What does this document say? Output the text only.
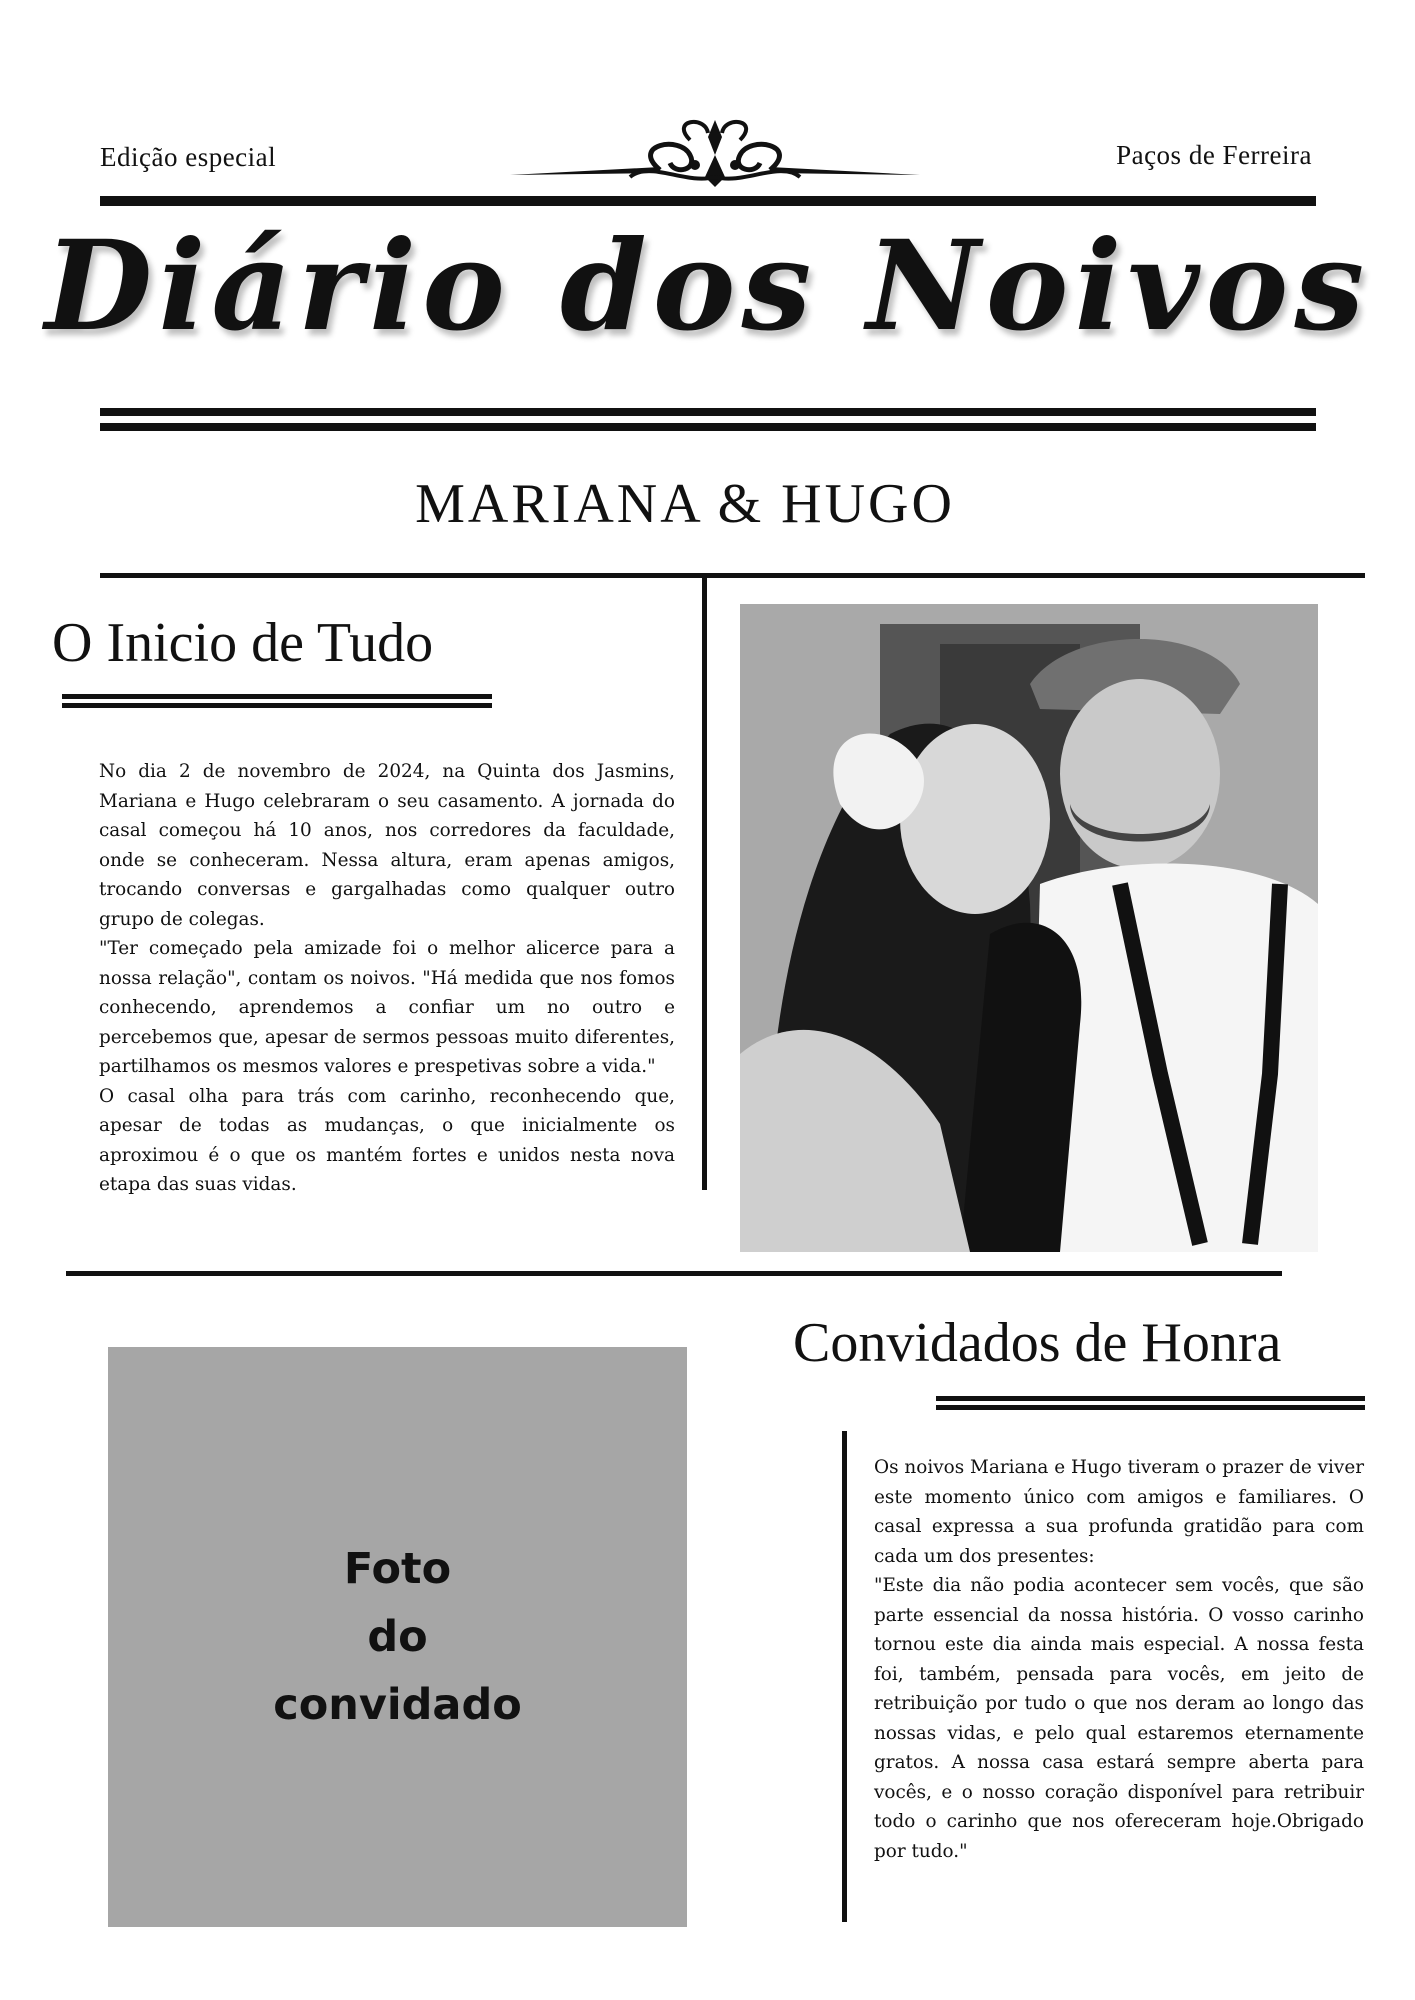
Edição especial	Paços de Ferreira
Diário dos Noivos
MARIANA & HUGO
O Inicio de Tudo

No dia 2 de novembro de 2024, na Quinta dos Jasmins, Mariana e Hugo celebraram o seu casamento. A jornada do casal começou há 10 anos, nos corredores da faculdade, onde se conheceram. Nessa altura, eram apenas amigos, trocando conversas e gargalhadas como qualquer outro grupo de colegas.

"Ter começado pela amizade foi o melhor alicerce para a nossa relação", contam os noivos. "Há medida que nos fomos conhecendo, aprendemos a confiar um no outro e percebemos que, apesar de sermos pessoas muito diferentes, partilhamos os mesmos valores e prespetivas sobre a vida."

O casal olha para trás com carinho, reconhecendo que, apesar de todas as mudanças, o que inicialmente os aproximou é o que os mantém fortes e unidos nesta nova etapa das suas vidas.

Foto
do
convidado
Convidados de Honra

Os noivos Mariana e Hugo tiveram o prazer de viver este momento único com amigos e familiares. O casal expressa a sua profunda gratidão para com cada um dos presentes:

"Este dia não podia acontecer sem vocês, que são parte essencial da nossa história. O vosso carinho tornou este dia ainda mais especial. A nossa festa foi, também, pensada para vocês, em jeito de retribuição por tudo o que nos deram ao longo das nossas vidas, e pelo qual estaremos eternamente gratos. A nossa casa estará sempre aberta para vocês, e o nosso coração disponível para retribuir todo o carinho que nos ofereceram hoje.Obrigado por tudo."
